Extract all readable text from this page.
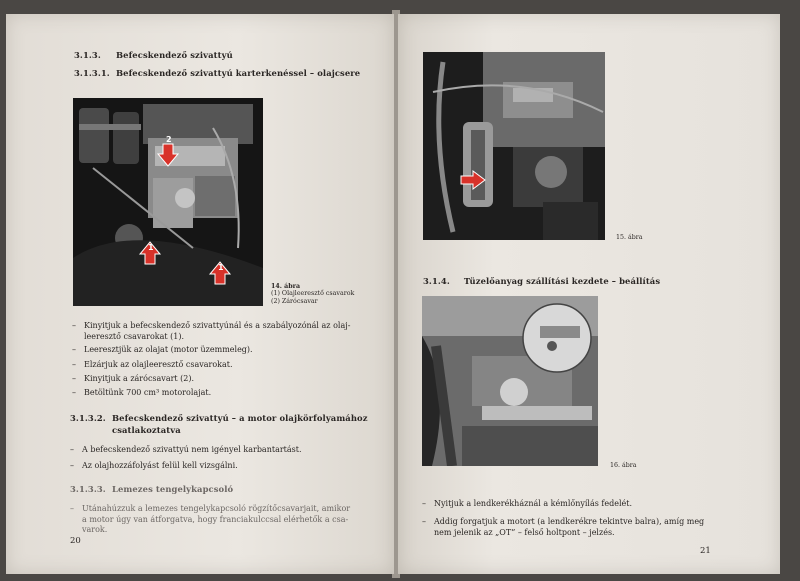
3.1.3. Befecskendező szivattyú
3.1.3.1. Befecskendező szivattyú karterkenéssel – olajcsere
2
1
1
14. ábra
(1) Olajleeresztő csavarok
(2) Zárócsavar
– Kinyitjuk a befecskendező szivattyúnál és a szabályozónál az olaj-
leeresztő csavarokat (1).
– Leeresztjük az olajat (motor üzemmeleg).
– Elzárjuk az olajleeresztő csavarokat.
– Kinyitjuk a zárócsavart (2).
– Betöltünk 700 cm³ motorolajat.
3.1.3.2. Befecskendező szivattyú – a motor olajkörfolyamához
csatlakoztatva
– A befecskendező szivattyú nem igényel karbantartást.
– Az olajhozzáfolyást felül kell vizsgálni.
3.1.3.3. Lemezes tengelykapcsoló
– Utánahúzzuk a lemezes tengelykapcsoló rögzítőcsavarjait, amikor
a motor úgy van átforgatva, hogy franciakulccsal elérhetők a csa-
varok.
20
15. ábra
3.1.4. Tüzelőanyag szállítási kezdete – beállítás
16. ábra
– Nyitjuk a lendkerékháznál a kémlőnyílás fedelét.
– Addig forgatjuk a motort (a lendkerékre tekintve balra), amíg meg
nem jelenik az „OT” – felső holtpont – jelzés.
21
